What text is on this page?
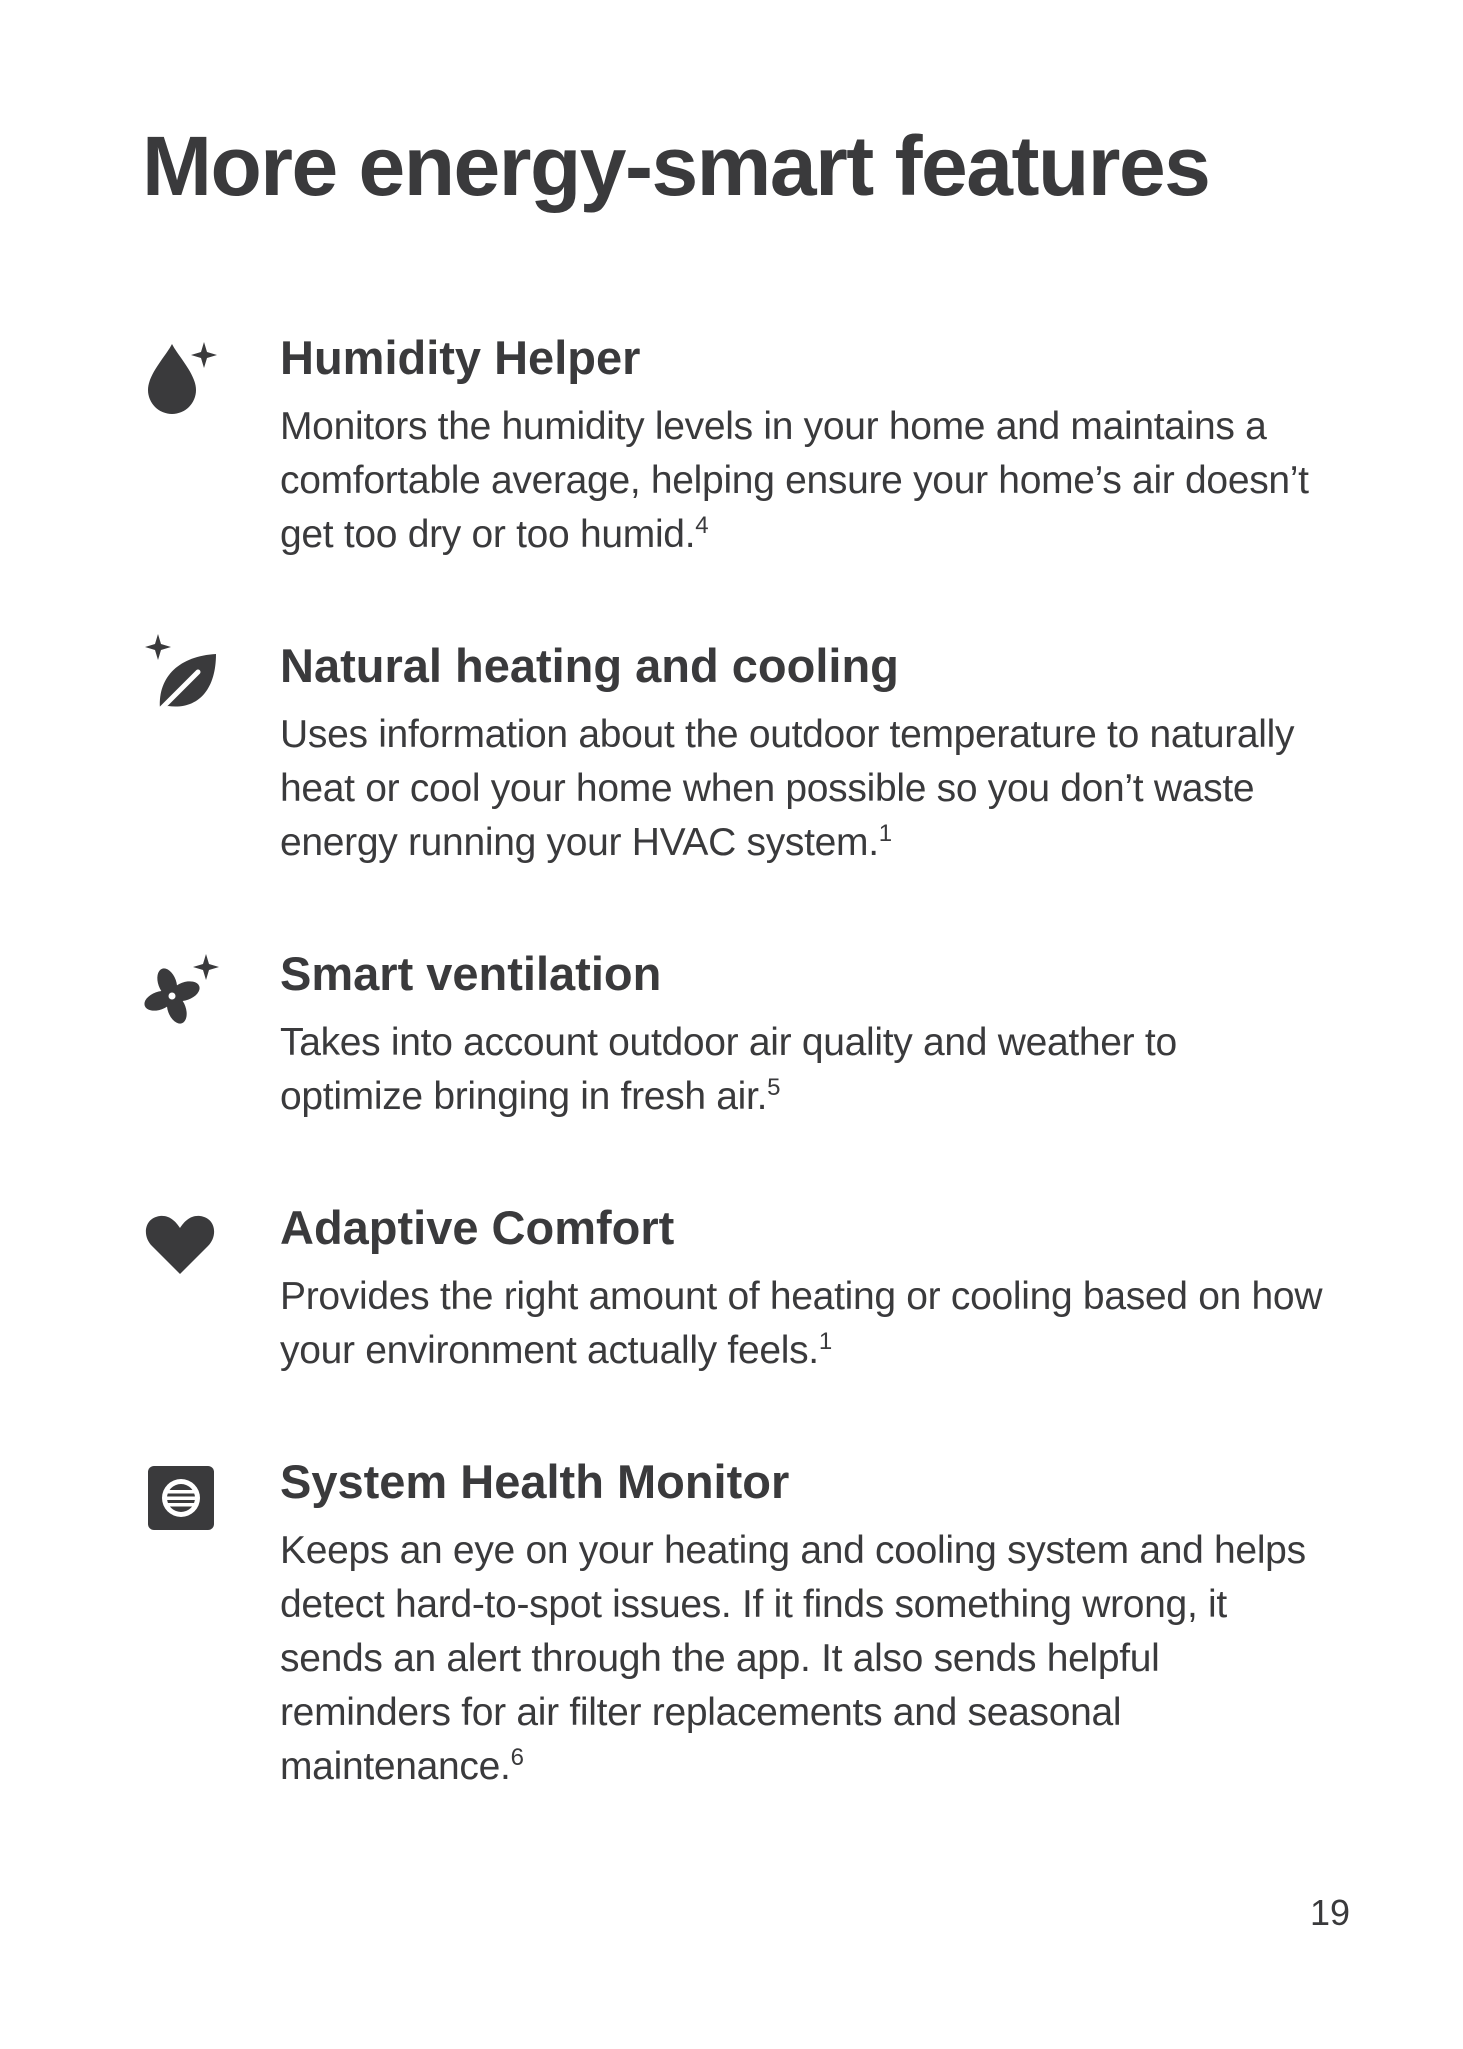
More energy-smart features
Humidity Helper

Monitors the humidity levels in your home and maintains a comfortable average, helping ensure your home’s air doesn’t get too dry or too humid.$^4$

Natural heating and cooling

Uses information about the outdoor temperature to naturally heat or cool your home when possible so you don’t waste energy running your HVAC system.$^1$

Smart ventilation

Takes into account outdoor air quality and weather to optimize bringing in fresh air.$^5$

Adaptive Comfort

Provides the right amount of heating or cooling based on how your environment actually feels.$^1$

System Health Monitor

Keeps an eye on your heating and cooling system and helps detect hard-to-spot issues. If it finds something wrong, it sends an alert through the app. It also sends helpful reminders for air filter replacements and seasonal maintenance.$^6$

19
